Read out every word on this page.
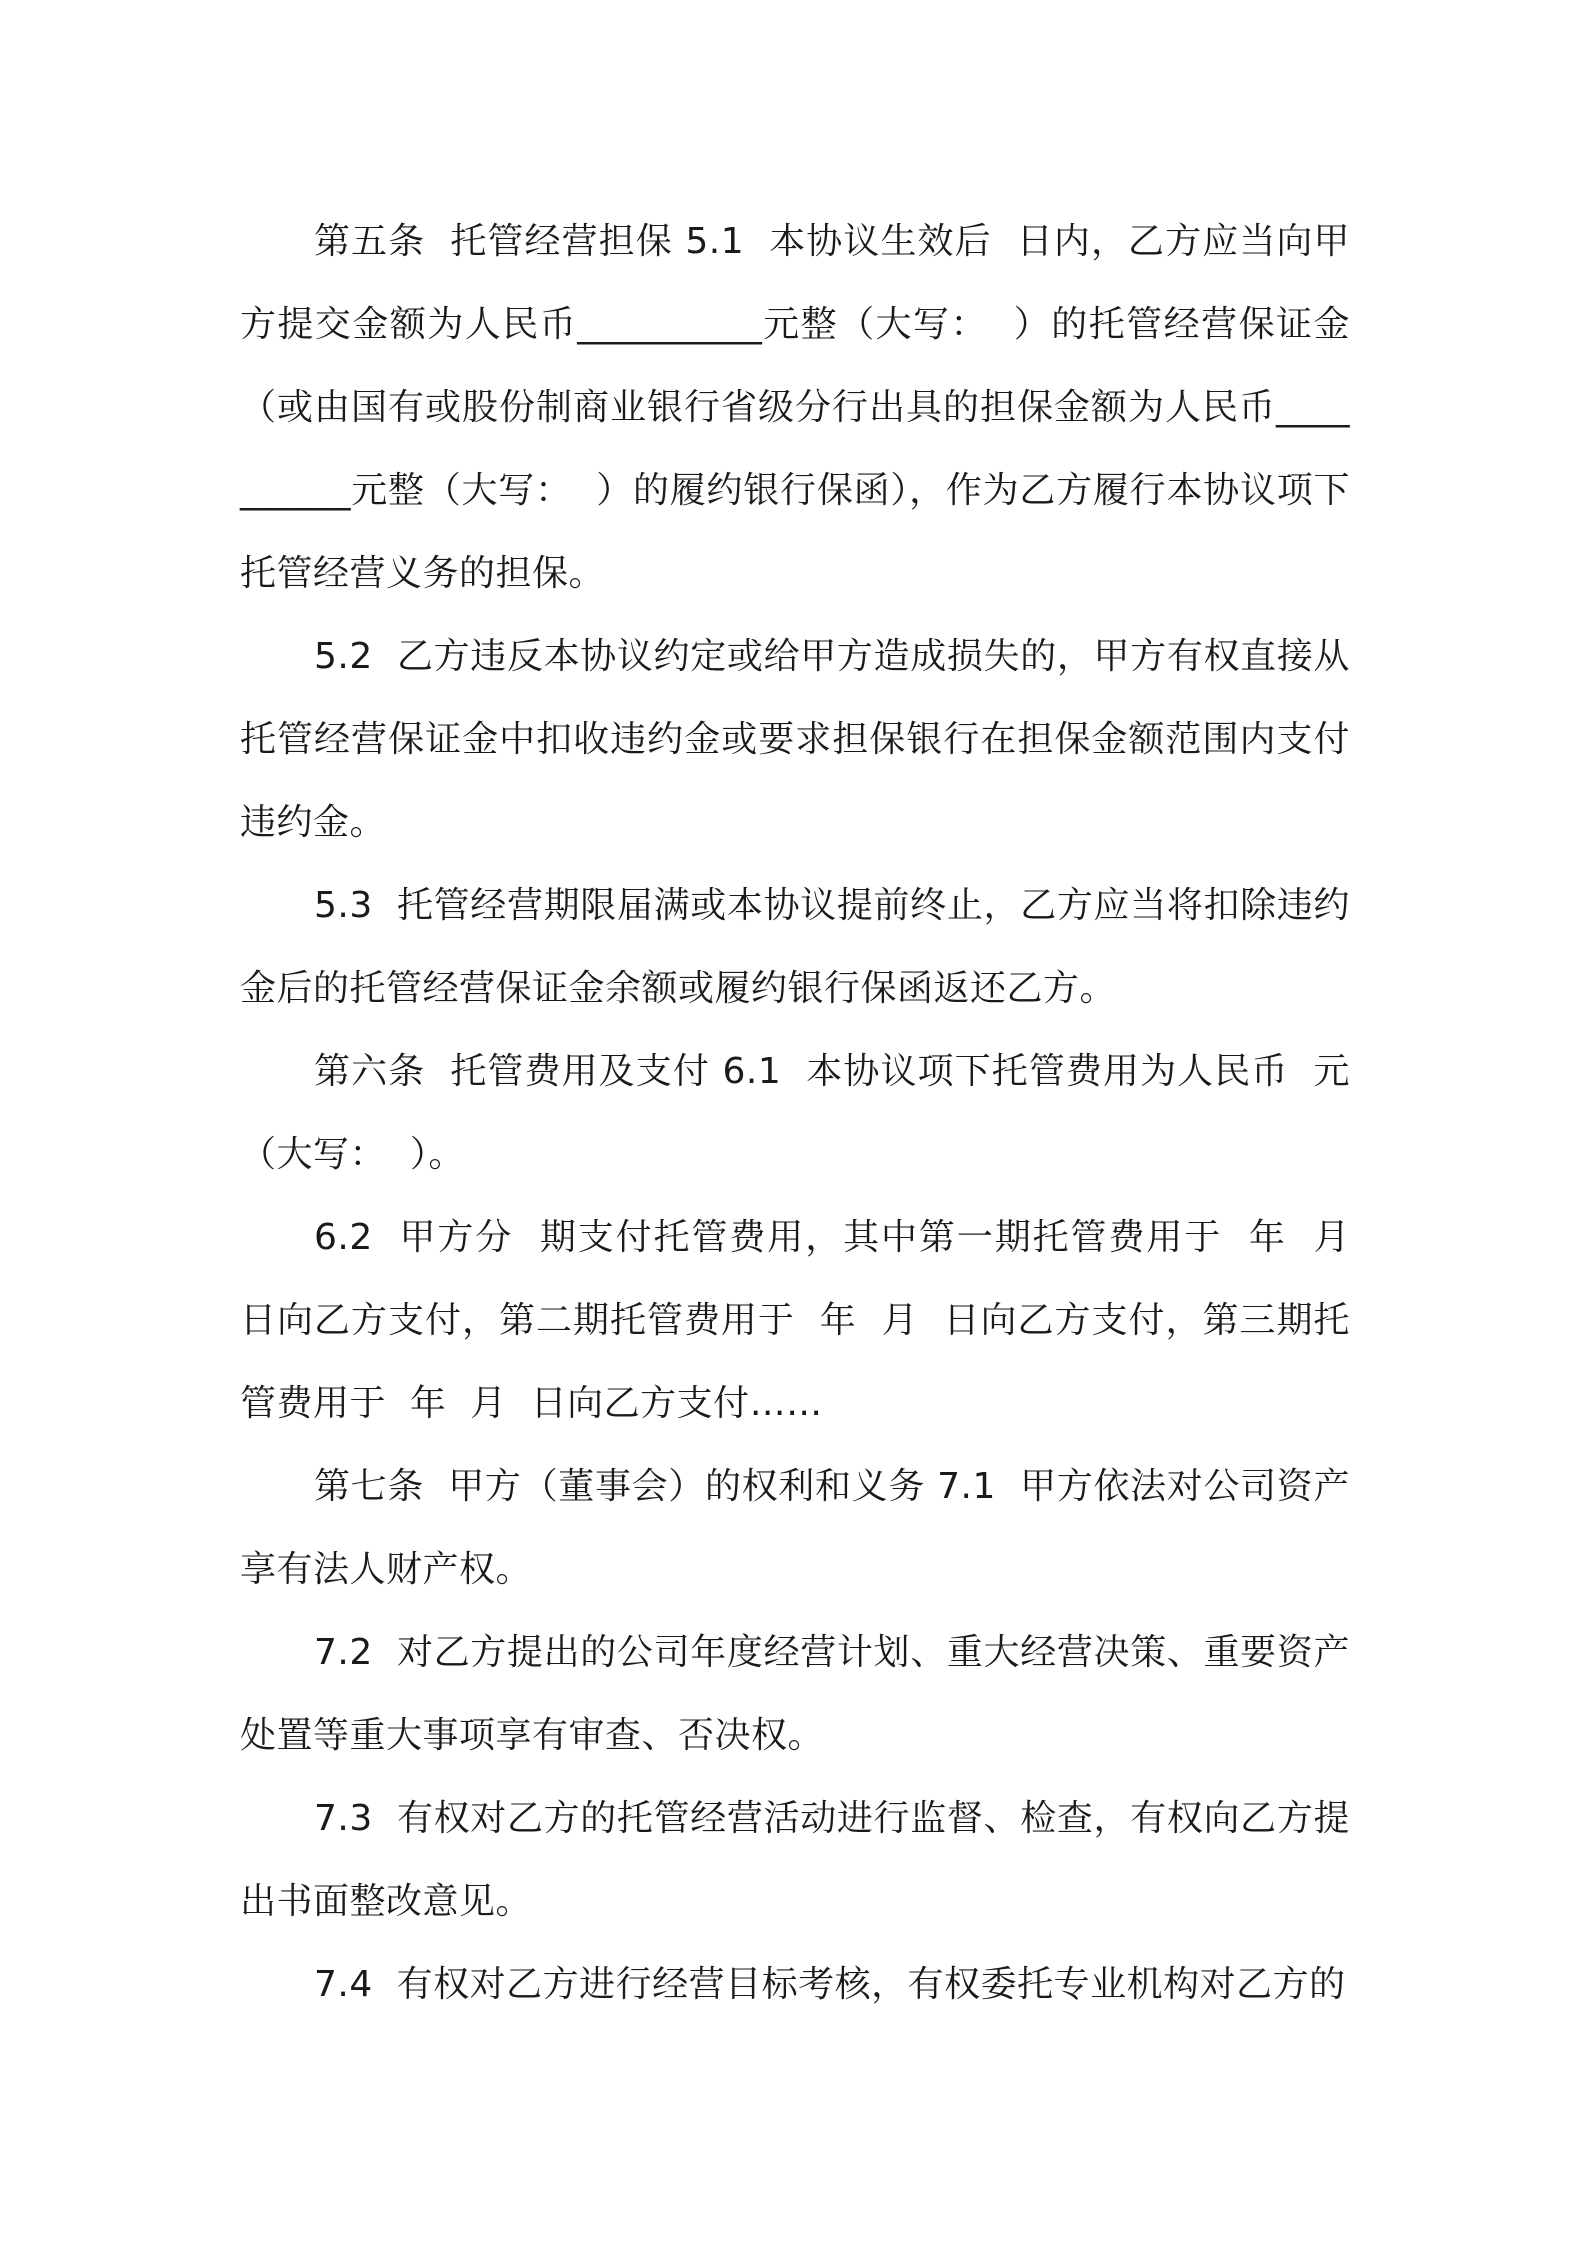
第五条  托管经营担保 5.1  本协议生效后  日内，乙方应当向甲方提交金额为人民币__________元整（大写：  ）的托管经营保证金（或由国有或股份制商业银行省级分行出具的担保金额为人民币__________元整（大写：  ）的履约银行保函），作为乙方履行本协议项下托管经营义务的担保。

5.2  乙方违反本协议约定或给甲方造成损失的，甲方有权直接从托管经营保证金中扣收违约金或要求担保银行在担保金额范围内支付违约金。

5.3  托管经营期限届满或本协议提前终止，乙方应当将扣除违约金后的托管经营保证金余额或履约银行保函返还乙方。

第六条  托管费用及支付 6.1  本协议项下托管费用为人民币  元（大写：  ）。

6.2  甲方分  期支付托管费用，其中第一期托管费用于  年  月  日向乙方支付，第二期托管费用于  年  月  日向乙方支付，第三期托管费用于  年  月  日向乙方支付……

第七条  甲方（董事会）的权利和义务 7.1  甲方依法对公司资产享有法人财产权。

7.2  对乙方提出的公司年度经营计划、重大经营决策、重要资产处置等重大事项享有审查、否决权。

7.3  有权对乙方的托管经营活动进行监督、检查，有权向乙方提出书面整改意见。

7.4  有权对乙方进行经营目标考核，有权委托专业机构对乙方的
